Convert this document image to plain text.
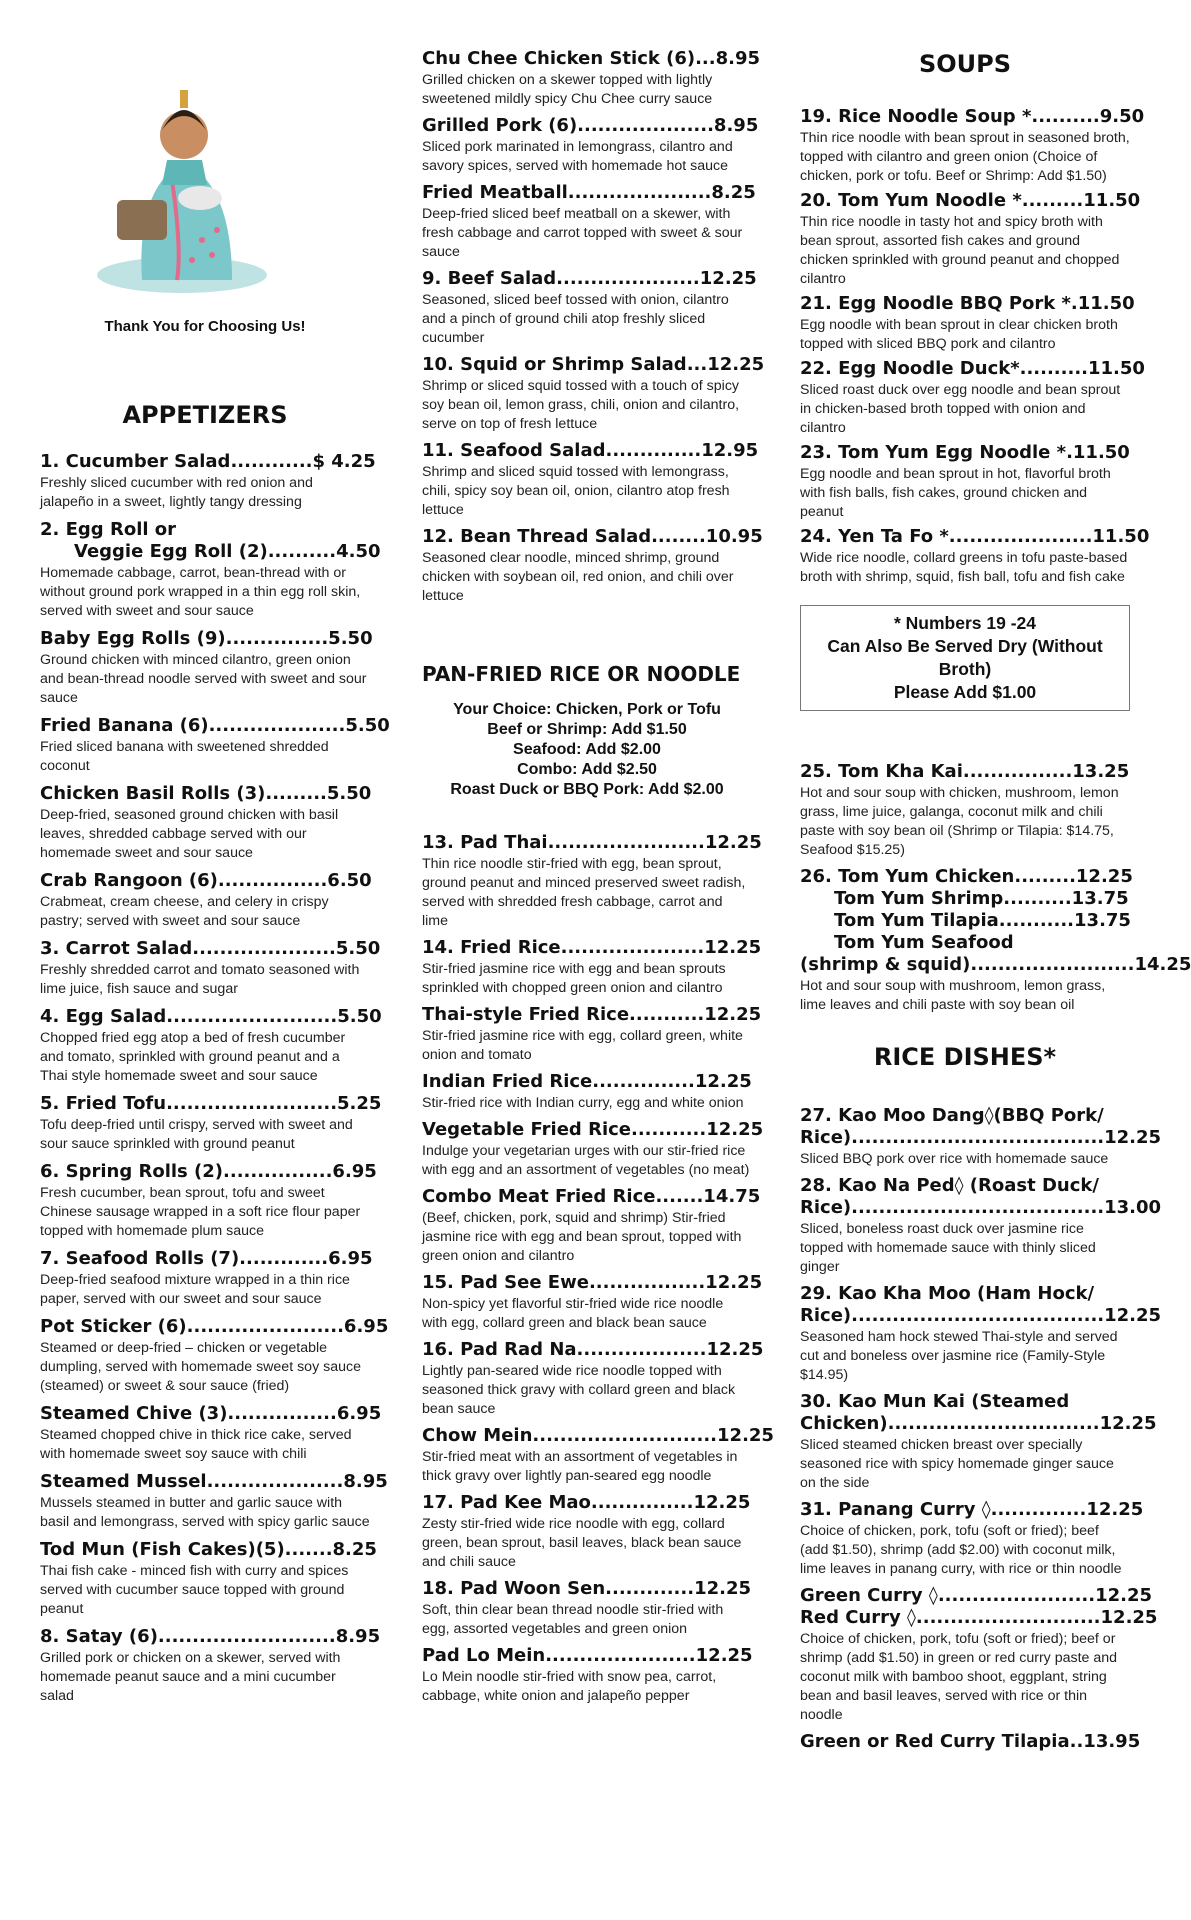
Thank You for Choosing Us!
APPETIZERS
1. Cucumber Salad............$ 4.25
Freshly sliced cucumber with red onion and jalapeño in a sweet, lightly tangy dressing
2. Egg Roll or
Veggie Egg Roll (2)..........4.50
Homemade cabbage, carrot, bean-thread with or without ground pork wrapped in a thin egg roll skin, served with sweet and sour sauce
Baby Egg Rolls (9)...............5.50
Ground chicken with minced cilantro, green onion and bean-thread noodle served with sweet and sour sauce
Fried Banana (6)....................5.50
Fried sliced banana with sweetened shredded coconut
Chicken Basil Rolls (3).........5.50
Deep-fried, seasoned ground chicken with basil leaves, shredded cabbage served with our homemade sweet and sour sauce
Crab Rangoon (6)................6.50
Crabmeat, cream cheese, and celery in crispy pastry; served with sweet and sour sauce
3. Carrot Salad.....................5.50
Freshly shredded carrot and tomato seasoned with lime juice, fish sauce and sugar
4. Egg Salad.........................5.50
Chopped fried egg atop a bed of fresh cucumber and tomato, sprinkled with ground peanut and a Thai style homemade sweet and sour sauce
5. Fried Tofu.........................5.25
Tofu deep-fried until crispy, served with sweet and sour sauce sprinkled with ground peanut
6. Spring Rolls (2)................6.95
Fresh cucumber, bean sprout, tofu and sweet Chinese sausage wrapped in a soft rice flour paper topped with homemade plum sauce
7. Seafood Rolls (7).............6.95
Deep-fried seafood mixture wrapped in a thin rice paper, served with our sweet and sour sauce
Pot Sticker (6).......................6.95
Steamed or deep-fried – chicken or vegetable dumpling, served with homemade sweet soy sauce (steamed) or sweet & sour sauce (fried)
Steamed Chive (3)................6.95
Steamed chopped chive in thick rice cake, served with homemade sweet soy sauce with chili
Steamed Mussel....................8.95
Mussels steamed in butter and garlic sauce with basil and lemongrass, served with spicy garlic sauce
Tod Mun (Fish Cakes)(5).......8.25
Thai fish cake - minced fish with curry and spices served with cucumber sauce topped with ground peanut
8. Satay (6)..........................8.95
Grilled pork or chicken on a skewer, served with homemade peanut sauce and a mini cucumber salad
Chu Chee Chicken Stick (6)...8.95
Grilled chicken on a skewer topped with lightly sweetened mildly spicy Chu Chee curry sauce
Grilled Pork (6)....................8.95
Sliced pork marinated in lemongrass, cilantro and savory spices, served with homemade hot sauce
Fried Meatball.....................8.25
Deep-fried sliced beef meatball on a skewer, with fresh cabbage and carrot topped with sweet & sour sauce
9. Beef Salad.....................12.25
Seasoned, sliced beef tossed with onion, cilantro and a pinch of ground chili atop freshly sliced cucumber
10. Squid or Shrimp Salad...12.25
Shrimp or sliced squid tossed with a touch of spicy soy bean oil, lemon grass, chili, onion and cilantro, serve on top of fresh lettuce
11. Seafood Salad..............12.95
Shrimp and sliced squid tossed with lemongrass, chili, spicy soy bean oil, onion, cilantro atop fresh lettuce
12. Bean Thread Salad........10.95
Seasoned clear noodle, minced shrimp, ground chicken with soybean oil, red onion, and chili over lettuce
PAN-FRIED RICE OR NOODLE
Your Choice: Chicken, Pork or Tofu
Beef or Shrimp: Add $1.50
Seafood: Add $2.00
Combo: Add $2.50
Roast Duck or BBQ Pork: Add $2.00
13. Pad Thai.......................12.25
Thin rice noodle stir-fried with egg, bean sprout, ground peanut and minced preserved sweet radish, served with shredded fresh cabbage, carrot and lime
14. Fried Rice.....................12.25
Stir-fried jasmine rice with egg and bean sprouts sprinkled with chopped green onion and cilantro
Thai-style Fried Rice...........12.25
Stir-fried jasmine rice with egg, collard green, white onion and tomato
Indian Fried Rice...............12.25
Stir-fried rice with Indian curry, egg and white onion
Vegetable Fried Rice...........12.25
Indulge your vegetarian urges with our stir-fried rice with egg and an assortment of vegetables (no meat)
Combo Meat Fried Rice.......14.75
(Beef, chicken, pork, squid and shrimp) Stir-fried jasmine rice with egg and bean sprout, topped with green onion and cilantro
15. Pad See Ewe.................12.25
Non-spicy yet flavorful stir-fried wide rice noodle with egg, collard green and black bean sauce
16. Pad Rad Na...................12.25
Lightly pan-seared wide rice noodle topped with seasoned thick gravy with collard green and black bean sauce
Chow Mein...........................12.25
Stir-fried meat with an assortment of vegetables in thick gravy over lightly pan-seared egg noodle
17. Pad Kee Mao...............12.25
Zesty stir-fried wide rice noodle with egg, collard green, bean sprout, basil leaves, black bean sauce and chili sauce
18. Pad Woon Sen.............12.25
Soft, thin clear bean thread noodle stir-fried with egg, assorted vegetables and green onion
Pad Lo Mein......................12.25
Lo Mein noodle stir-fried with snow pea, carrot, cabbage, white onion and jalapeño pepper
SOUPS
19. Rice Noodle Soup *..........9.50
Thin rice noodle with bean sprout in seasoned broth, topped with cilantro and green onion (Choice of chicken, pork or tofu. Beef or Shrimp: Add $1.50)
20. Tom Yum Noodle *.........11.50
Thin rice noodle in tasty hot and spicy broth with bean sprout, assorted fish cakes and ground chicken sprinkled with ground peanut and chopped cilantro
21. Egg Noodle BBQ Pork *.11.50
Egg noodle with bean sprout in clear chicken broth topped with sliced BBQ pork and cilantro
22. Egg Noodle Duck*..........11.50
Sliced roast duck over egg noodle and bean sprout in chicken-based broth topped with onion and cilantro
23. Tom Yum Egg Noodle *.11.50
Egg noodle and bean sprout in hot, flavorful broth with fish balls, fish cakes, ground chicken and peanut
24. Yen Ta Fo *.....................11.50
Wide rice noodle, collard greens in tofu paste-based broth with shrimp, squid, fish ball, tofu and fish cake
* Numbers 19 -24
Can Also Be Served Dry (Without Broth)
Please Add $1.00
25. Tom Kha Kai................13.25
Hot and sour soup with chicken, mushroom, lemon grass, lime juice, galanga, coconut milk and chili paste with soy bean oil (Shrimp or Tilapia: $14.75, Seafood $15.25)
26. Tom Yum Chicken.........12.25
Tom Yum Shrimp..........13.75
Tom Yum Tilapia...........13.75
Tom Yum Seafood
(shrimp & squid)........................14.25
Hot and sour soup with mushroom, lemon grass, lime leaves and chili paste with soy bean oil
RICE DISHES*
27. Kao Moo Dang◊(BBQ Pork/
Rice).....................................12.25
Sliced BBQ pork over rice with homemade sauce
28. Kao Na Ped◊ (Roast Duck/
Rice).....................................13.00
Sliced, boneless roast duck over jasmine rice topped with homemade sauce with thinly sliced ginger
29. Kao Kha Moo (Ham Hock/
Rice).....................................12.25
Seasoned ham hock stewed Thai-style and served cut and boneless over jasmine rice (Family-Style $14.95)
30. Kao Mun Kai (Steamed
Chicken)...............................12.25
Sliced steamed chicken breast over specially seasoned rice with spicy homemade ginger sauce on the side
31. Panang Curry ◊..............12.25
Choice of chicken, pork, tofu (soft or fried); beef (add $1.50), shrimp (add $2.00) with coconut milk, lime leaves in panang curry, with rice or thin noodle
Green Curry ◊.......................12.25
Red Curry ◊...........................12.25
Choice of chicken, pork, tofu (soft or fried); beef or shrimp (add $1.50) in green or red curry paste and coconut milk with bamboo shoot, eggplant, string bean and basil leaves, served with rice or thin noodle
Green or Red Curry Tilapia..13.95
